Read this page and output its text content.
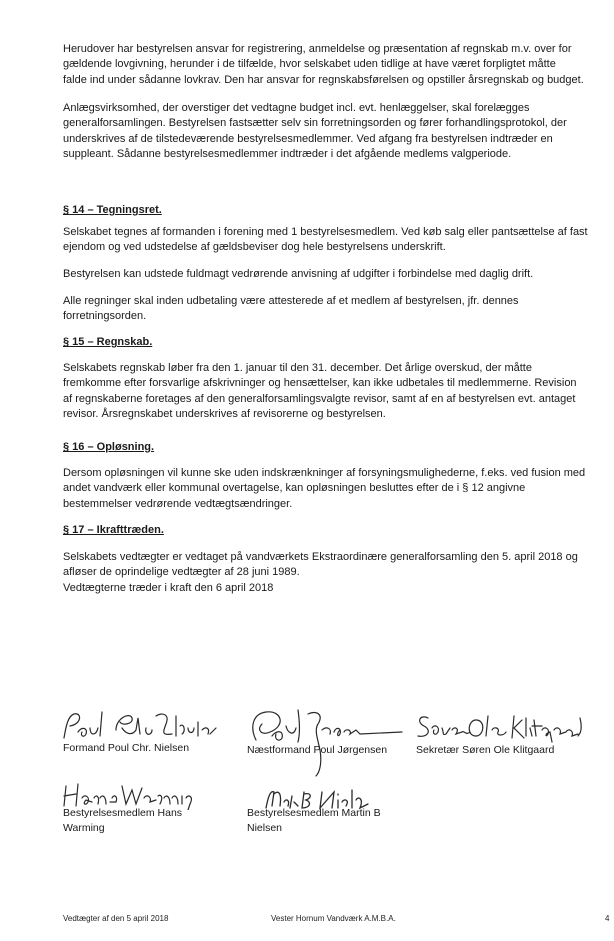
Herudover har bestyrelsen ansvar for registrering, anmeldelse og præsentation af regnskab m.v. over for
gældende lovgivning, herunder i de tilfælde, hvor selskabet uden tidlige at have været forpligtet måtte
falde ind under sådanne lovkrav. Den har ansvar for regnskabsførelsen og opstiller årsregnskab og budget.

Anlægsvirksomhed, der overstiger det vedtagne budget incl. evt. henlæggelser, skal forelægges
generalforsamlingen. Bestyrelsen fastsætter selv sin forretningsorden og fører forhandlingsprotokol, der
underskrives af de tilstedeværende bestyrelsesmedlemmer. Ved afgang fra bestyrelsen indtræder en
suppleant. Sådanne bestyrelsesmedlemmer indtræder i det afgående medlems valgperiode.

§ 14 – Tegningsret.

Selskabet tegnes af formanden i forening med 1 bestyrelsesmedlem. Ved køb salg eller pantsættelse af fast
ejendom og ved udstedelse af gældsbeviser dog hele bestyrelsens underskrift.

Bestyrelsen kan udstede fuldmagt vedrørende anvisning af udgifter i forbindelse med daglig drift.

Alle regninger skal inden udbetaling være attesterede af et medlem af bestyrelsen, jfr. dennes
forretningsorden.

§ 15 – Regnskab.

Selskabets regnskab løber fra den 1. januar til den 31. december. Det årlige overskud, der måtte
fremkomme efter forsvarlige afskrivninger og hensættelser, kan ikke udbetales til medlemmerne. Revision
af regnskaberne foretages af den generalforsamlingsvalgte revisor, samt af en af bestyrelsen evt. antaget
revisor. Årsregnskabet underskrives af revisorerne og bestyrelsen.

§ 16 – Opløsning.

Dersom opløsningen vil kunne ske uden indskrænkninger af forsyningsmulighederne, f.eks. ved fusion med
andet vandværk eller kommunal overtagelse, kan opløsningen besluttes efter de i § 12 angivne
bestemmelser vedrørende vedtægtsændringer.

§ 17 – Ikrafttræden.

Selskabets vedtægter er vedtaget på vandværkets Ekstraordinære generalforsamling den 5. april 2018 og
afløser de oprindelige vedtægter af 28 juni 1989.
Vedtægterne træder i kraft den 6 april 2018

Formand Poul Chr. Nielsen	Næstformand Poul Jørgensen	Sekretær Søren Ole Klitgaard
Bestyrelsesmedlem Hans
Warming
Bestyrelsesmedlem Martin B
Nielsen
Vedtægter af den 5 april 2018	Vester Hornum Vandværk A.M.B.A.	4
